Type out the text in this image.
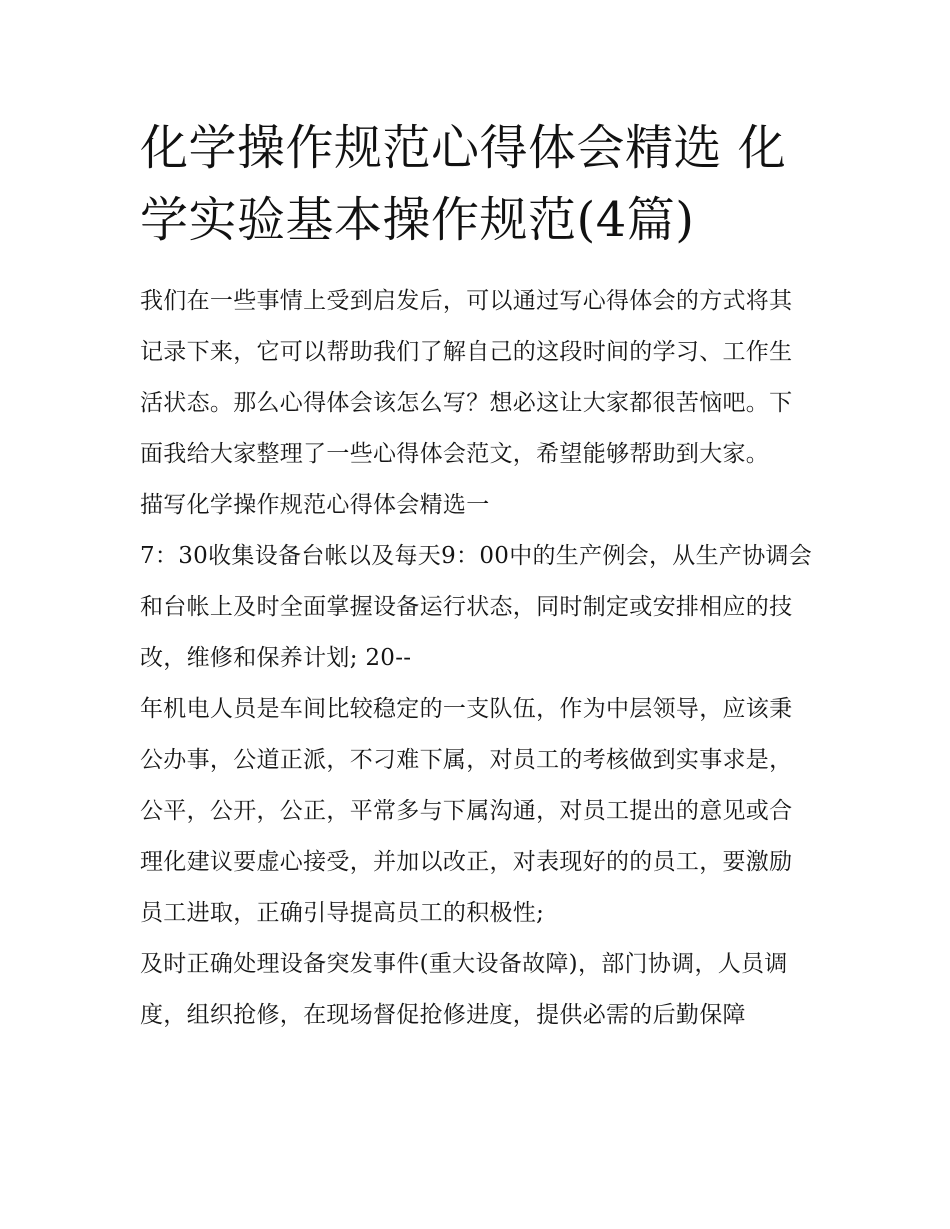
化学操作规范心得体会精选 化学实验基本操作规范(4篇)

我们在一些事情上受到启发后，可以通过写心得体会的方式将其记录下来，它可以帮助我们了解自己的这段时间的学习、工作生活状态。那么心得体会该怎么写？想必这让大家都很苦恼吧。下面我给大家整理了一些心得体会范文，希望能够帮助到大家。

描写化学操作规范心得体会精选一

7：30收集设备台帐以及每天9：00中的生产例会，从生产协调会和台帐上及时全面掌握设备运行状态，同时制定或安排相应的技改，维修和保养计划; 20--

年机电人员是车间比较稳定的一支队伍，作为中层领导，应该秉公办事，公道正派，不刁难下属，对员工的考核做到实事求是，公平，公开，公正，平常多与下属沟通，对员工提出的意见或合理化建议要虚心接受，并加以改正，对表现好的的员工，要激励员工进取，正确引导提高员工的积极性;

及时正确处理设备突发事件(重大设备故障)，部门协调，人员调度，组织抢修，在现场督促抢修进度，提供必需的后勤保障
